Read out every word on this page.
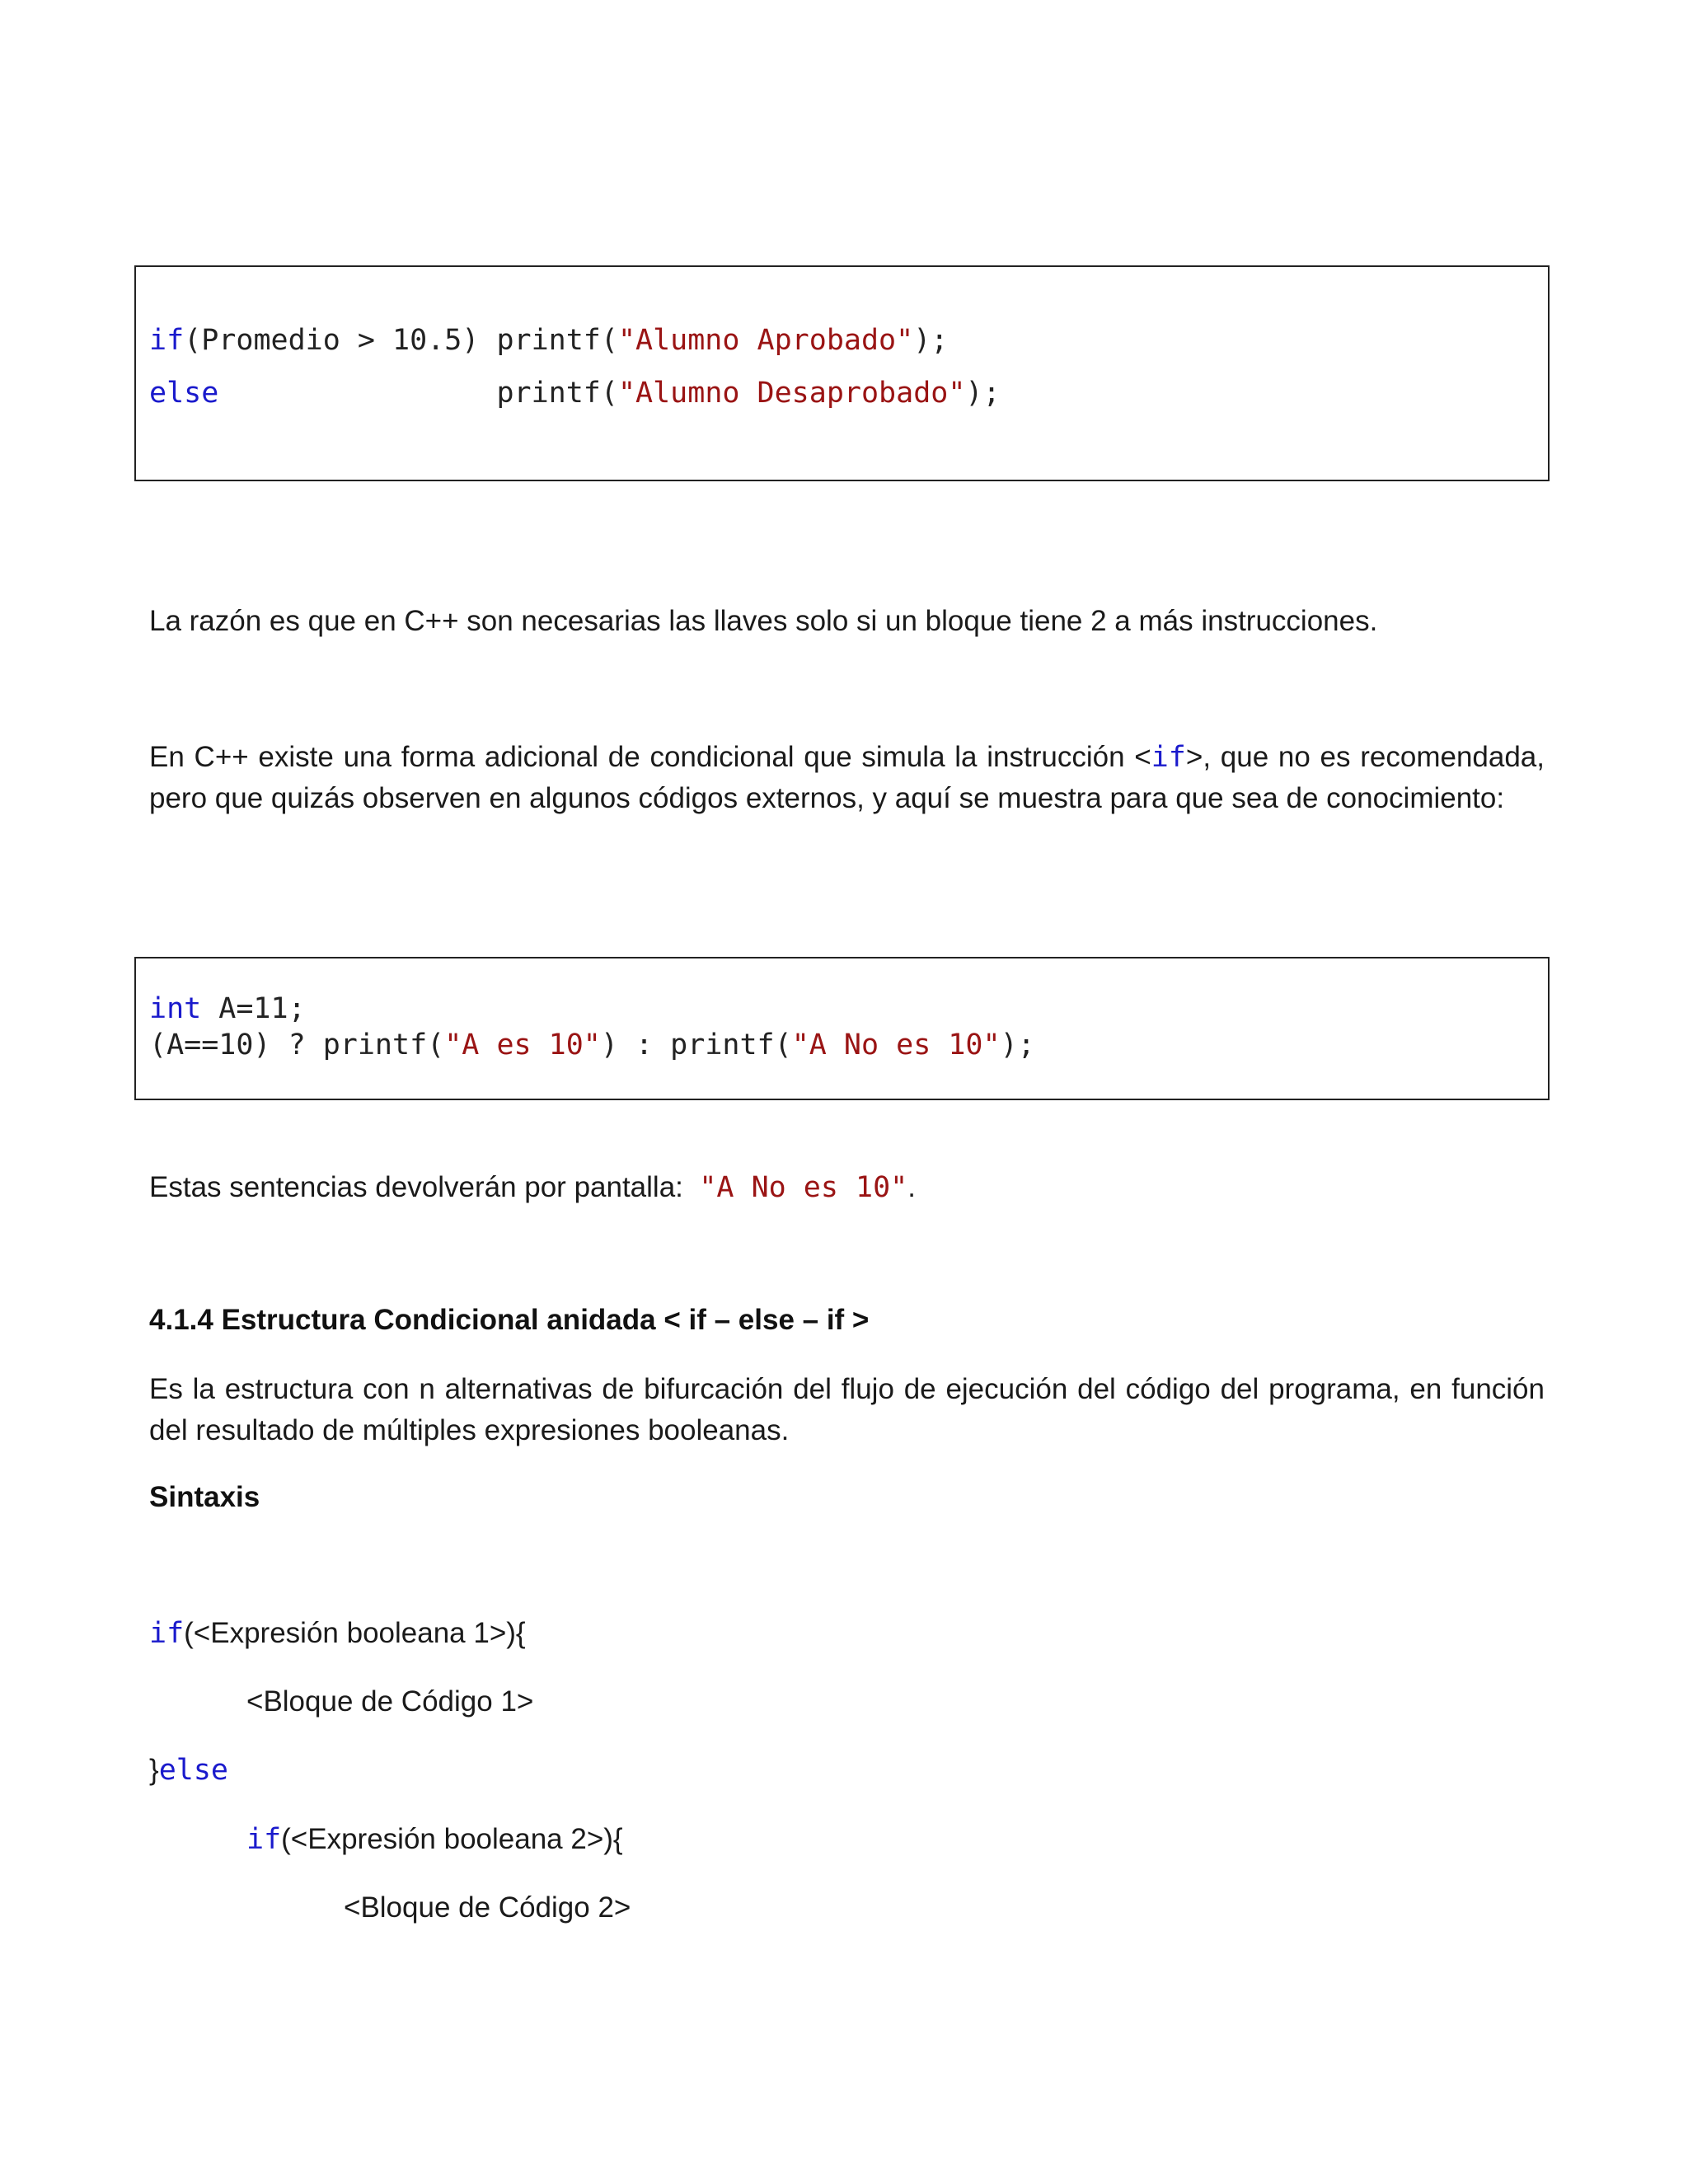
if(Promedio > 10.5) printf("Alumno Aprobado");
else	printf("Alumno Desaprobado");
La razón es que en C++ son necesarias las llaves solo si un bloque tiene 2 a más instrucciones.
En C++ existe una forma adicional de condicional que simula la instrucción <if>, que no es recomendada, pero que quizás observen en algunos códigos externos, y aquí se muestra para que sea de conocimiento:
int A=11;
(A==10) ? printf("A es 10") : printf("A No es 10");
Estas sentencias devolverán por pantalla: "A No es 10".
4.1.4 Estructura Condicional anidada < if – else – if >
Es la estructura con n alternativas de bifurcación del flujo de ejecución del código del programa, en función del resultado de múltiples expresiones booleanas.
Sintaxis
if(<Expresión booleana 1>){
<Bloque de Código 1>
}else
if(<Expresión booleana 2>){
<Bloque de Código 2>
